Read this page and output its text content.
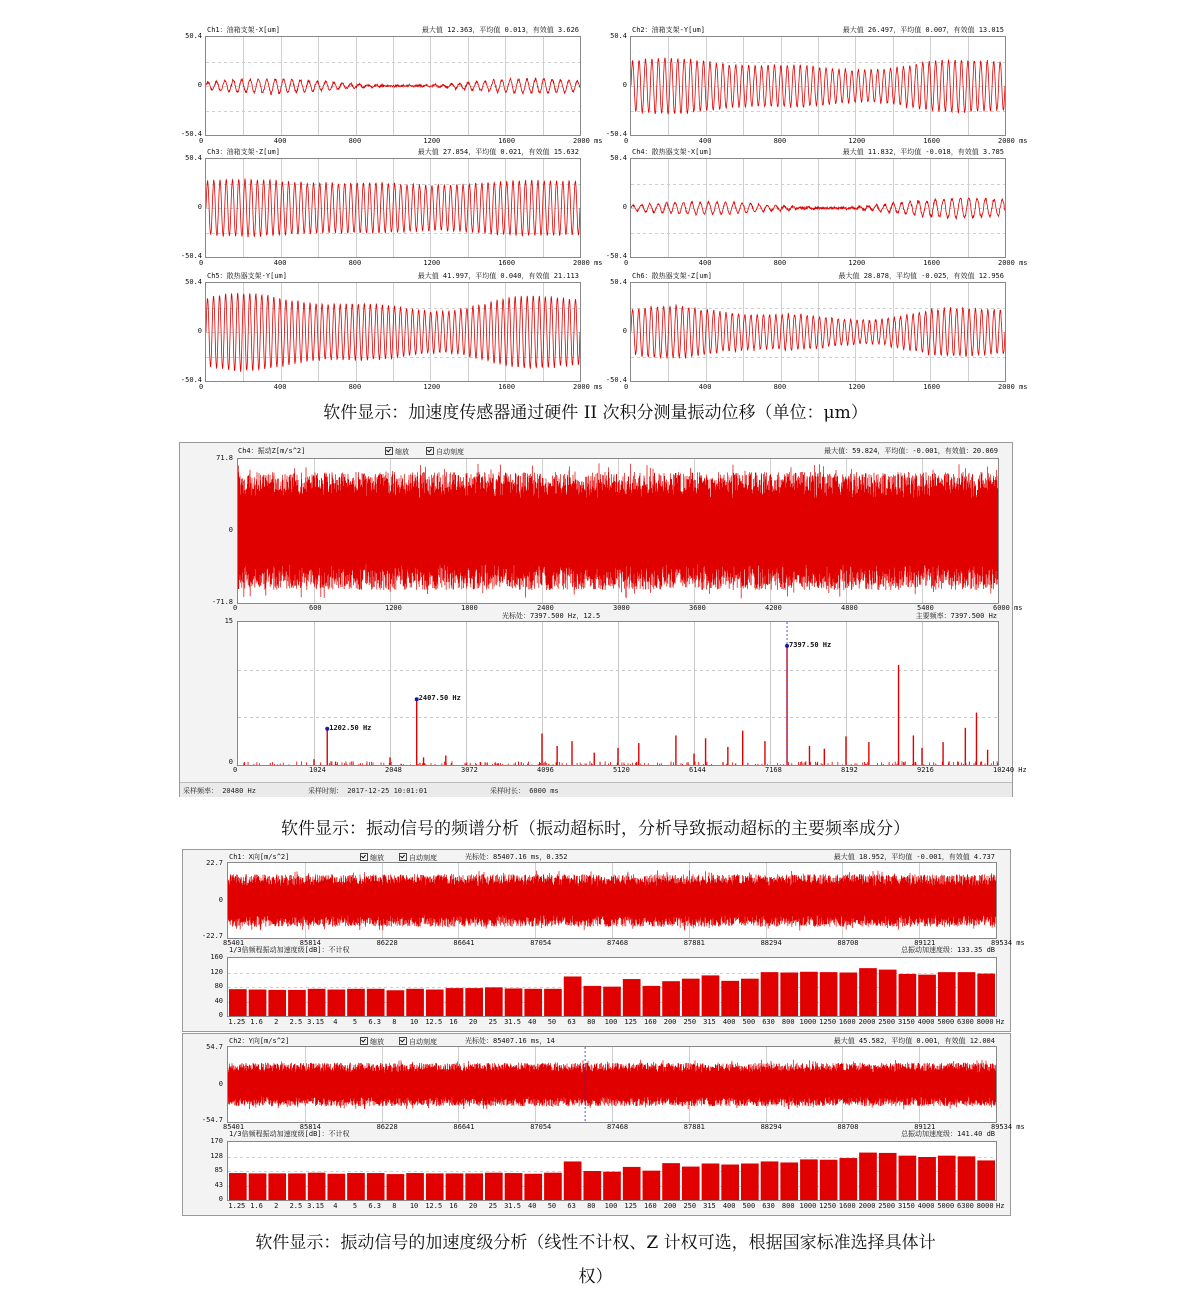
Ch1：油箱支架-X[um]	最大值 12.363，平均值 0.013，有效值 3.626
50.4
0
-50.4
0	400	800	1200	1600	2000 ms
Ch2：油箱支架-Y[um]	最大值 26.497，平均值 0.007，有效值 13.015
50.4
0
-50.4
0	400	800	1200	1600	2000 ms
Ch3：油箱支架-Z[um]	最大值 27.854，平均值 0.021，有效值 15.632
50.4
0
-50.4
0	400	800	1200	1600	2000 ms
Ch4：散热器支架-X[um]	最大值 11.832，平均值 -0.018，有效值 3.785
50.4
0
-50.4
0	400	800	1200	1600	2000 ms
Ch5：散热器支架-Y[um]	最大值 41.997，平均值 0.040，有效值 21.113
50.4
0
-50.4
0	400	800	1200	1600	2000 ms
Ch6：散热器支架-Z[um]	最大值 28.878，平均值 -0.025，有效值 12.956
50.4
0
-50.4
0	400	800	1200	1600	2000 ms
软件显示：加速度传感器通过硬件 II 次积分测量振动位移（单位：μm）
Ch4：振动Z[m/s^2]	缩放	自动刻度	最大值：59.824，平均值：-0.001，有效值：20.069
71.8
0
-71.8
0	600	1200	1800	2400	3000	3600	4200	4800	5400	6000 ms
光标处：7397.500 Hz，12.5	主要频率：7397.500 Hz
15
0
1202.50 Hz
2407.50 Hz
7397.50 Hz
0	1024	2048	3072	4096	5120	6144	7168	8192	9216	10240 Hz
采样频率： 20480 Hz	采样时刻： 2017-12-25 10:01:01	采样时长： 6000 ms
软件显示：振动信号的频谱分析（振动超标时，分析导致振动超标的主要频率成分）
Ch1：X向[m/s^2]	缩放	自动刻度	光标处：85407.16 ms，0.352	最大值 18.952，平均值 -0.001，有效值 4.737
22.7
0
-22.7
85401	85814	86228	86641	87054	87468	87881	88294	88708	89121	89534 ms
1/3倍频程振动加速度级[dB]：不计权	总振动加速度级：133.35 dB
160
120
80
40
0
1.25 1.6	2	2.5 3.15	4	5	6.3	8	10	12.5	16	20	25	31.5	40	50	63	80	100	125	160	200	250	315	400	500	630	800 1000 1250 1600 2000 2500 3150 4000 5000 6300 8000 Hz
Ch2：Y向[m/s^2]	缩放	自动刻度	光标处：85407.16 ms，14	最大值 45.582，平均值 0.001，有效值 12.004
54.7
0
-54.7
85401	85814	86228	86641	87054	87468	87881	88294	88708	89121	89534 ms
1/3倍频程振动加速度级[dB]：不计权	总振动加速度级：141.40 dB
170
128
85
43
0
1.25 1.6	2	2.5 3.15	4	5	6.3	8	10	12.5	16	20	25	31.5	40	50	63	80	100	125	160	200	250	315	400	500	630	800 1000 1250 1600 2000 2500 3150 4000 5000 6300 8000 Hz
软件显示：振动信号的加速度级分析（线性不计权、Z 计权可选，根据国家标准选择具体计
权）
